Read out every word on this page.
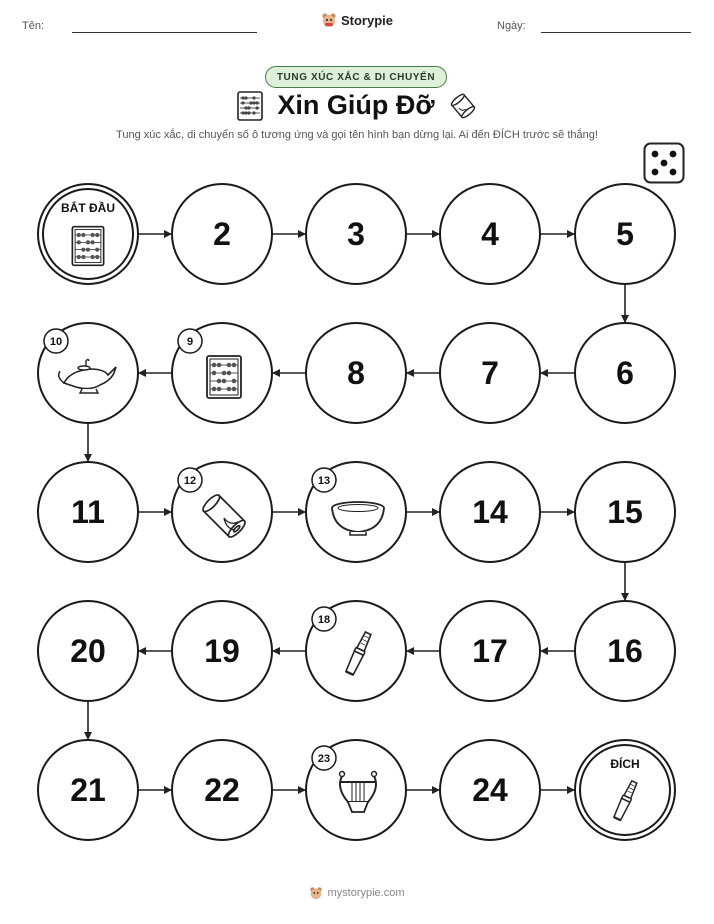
Tên:	Ngày:
Storypie
TUNG XÚC XẮC & DI CHUYỂN
Xin Giúp Đỡ
Tung xúc xắc, di chuyển số ô tương ứng và gọi tên hình bạn dừng lại. Ai đến ĐÍCH trước sẽ thắng!
BẮT ĐẦU
2	3	4	5
6
7
8
9
10
11
12	13
14	15
16
17
18
19
20
21	22
23
24
ĐÍCH
mystorypie.com
